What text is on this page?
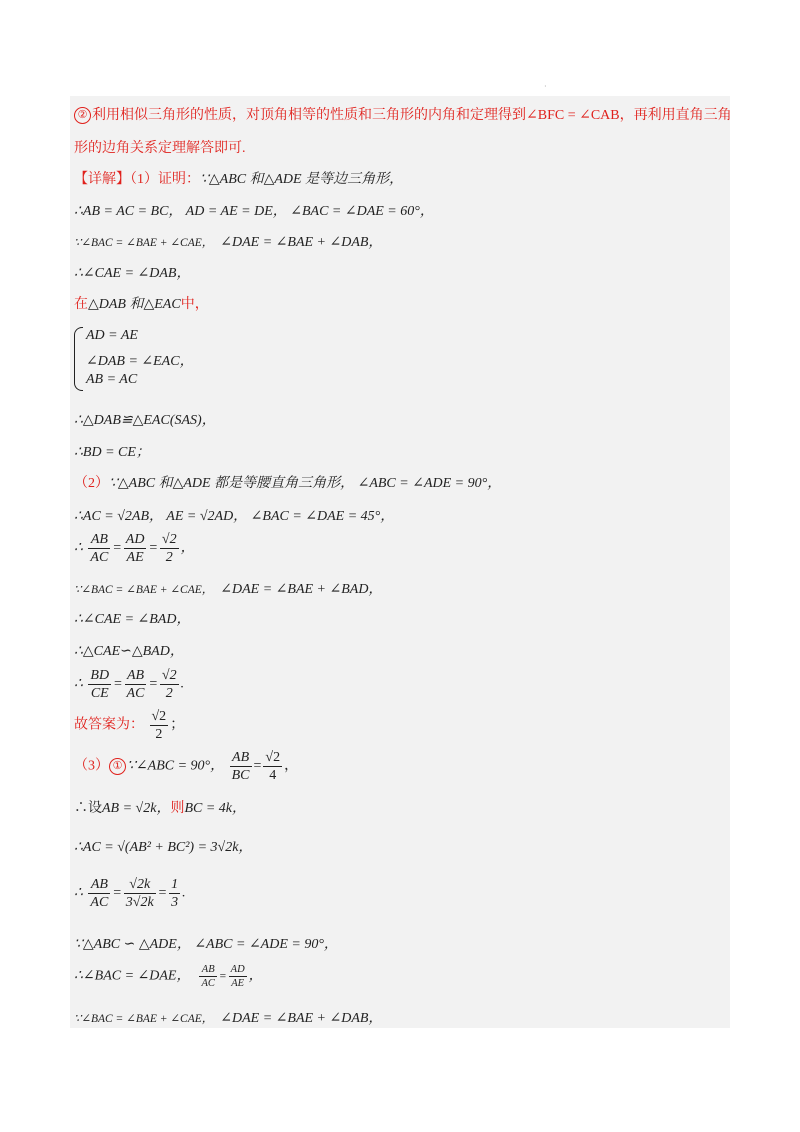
·
② 利用相似三角形的性质，对顶角相等的性质和三角形的内角和定理得到∠BFC = ∠CAB，再利用直角三角
形的边角关系定理解答即可.
【详解】（1）证明：∵△ABC 和△ADE 是等边三角形，
∴AB = AC = BC， AD = AE = DE， ∠BAC = ∠DAE = 60°，
∵∠BAC = ∠BAE + ∠CAE， ∠DAE = ∠BAE + ∠DAB，
∴∠CAE = ∠DAB，
在△DAB 和△EAC中，
AD = AE
∠DAB = ∠EAC，
AB = AC
∴△DAB≌△EAC(SAS)，
∴BD = CE；
（2）∵△ABC 和△ADE 都是等腰直角三角形， ∠ABC = ∠ADE = 90°，
∴AC = √2AB， AE = √2AD， ∠BAC = ∠DAE = 45°，
∴ $\frac{AB}{AC} = \frac{AD}{AE} = \frac{√2}{2}$ ，
∵∠BAC = ∠BAE + ∠CAE， ∠DAE = ∠BAE + ∠BAD，
∴∠CAE = ∠BAD，
∴△CAE∽△BAD，
∴ $\frac{BD}{CE} = \frac{AB}{AC} = \frac{√2}{2}$ .
故答案为： $\frac{√2}{2}$ ；
（3） ① ∵∠ABC = 90°， $\frac{AB}{BC} = \frac{√2}{4}$ ，
∴设AB = √2k，则BC = 4k，
∴AC = √(AB² + BC²) = 3√2k，
∴ $\frac{AB}{AC} = \frac{√2k}{3√2k} = \frac{1}{3}$ .
∵△ABC ∽ △ADE， ∠ABC = ∠ADE = 90°，
∴∠BAC = ∠DAE， $\frac{AB}{AC} = \frac{AD}{AE}$ ，
∵∠BAC = ∠BAE + ∠CAE， ∠DAE = ∠BAE + ∠DAB，
